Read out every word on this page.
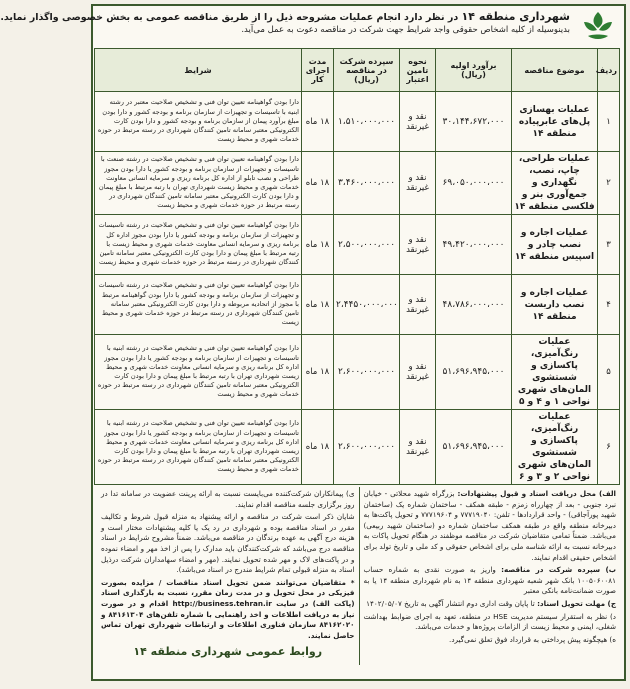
شهرداری منطقه ۱۴ در نظر دارد انجام عملیات مشروحه ذیل را از طریق مناقصه عمومی به بخش خصوصی واگذار نماید.
بدینوسیله از کلیه اشخاص حقوقی واجد شرایط جهت شرکت در مناقصه دعوت به عمل می‌آید.
ردیف	موضوع مناقصه	برآورد اولیه (ریال)	نحوه تامین اعتبار	سپرده شرکت در مناقصه (ریال)	مدت اجرای کار	شرایط
۱	عملیات بهسازی پل‌های عابرپیاده منطقه ۱۴	۳۰،۱۴۴،۶۷۲،۰۰۰	نقد و غیرنقد	۱،۵۱۰،۰۰۰،۰۰۰	۱۸ ماه	دارا بودن گواهینامه تعیین توان فنی و تشخیص صلاحیت معتبر در رشته ابنیه با تاسیسات و تجهیزات از سازمان برنامه و بودجه کشور و دارا بودن مبلغ برآورد پیمان از سازمان برنامه و بودجه کشور و دارا بودن کارت الکترونیکی معتبر سامانه تامین کنندگان شهرداری در رسته مرتبط در حوزه خدمات شهری و محیط زیست
۲	عملیات طراحی، چاپ، نصب، نگهداری و جمع‌آوری بنر و فلکسی منطقه ۱۴	۶۹،۰۵۰،۰۰۰،۰۰۰	نقد و غیرنقد	۳،۴۶۰،۰۰۰،۰۰۰	۱۸ ماه	دارا بودن گواهینامه تعیین توان فنی و تشخیص صلاحیت در رشته صنعت با تاسیسات و تجهیزات از سازمان برنامه و بودجه کشور یا دارا بودن مجوز طراحی و نصب تابلو از اداره کل برنامه ریزی و سرمایه انسانی معاونت خدمات شهری و محیط زیست شهرداری تهران با رتبه مرتبط با مبلغ پیمان و دارا بودن کارت الکترونیکی معتبر سامانه تامین کنندگان شهرداری در رسته مرتبط در حوزه خدمات شهری و محیط زیست
۳	عملیات اجاره و نصب چادر و اسپیس منطقه ۱۴	۴۹،۴۲۰،۰۰۰،۰۰۰	نقد و غیرنقد	۲،۵۰۰،۰۰۰،۰۰۰	۱۸ ماه	دارا بودن گواهینامه تعیین توان فنی و تشخیص صلاحیت در رشته تاسیسات و تجهیزات از سازمان برنامه و بودجه کشور یا دارا بودن مجوز اداره کل برنامه ریزی و سرمایه انسانی معاونت خدمات شهری و محیط زیست با رتبه مرتبط با مبلغ پیمان و دارا بودن کارت الکترونیکی معتبر سامانه تامین کنندگان شهرداری در رسته مرتبط در حوزه خدمات شهری و محیط زیست
۴	عملیات اجاره و نصب داربست منطقه ۱۴	۴۸،۷۸۶،۰۰۰،۰۰۰	نقد و غیرنقد	۲،۴۴۵۰،۰۰۰،۰۰۰	۱۸ ماه	دارا بودن گواهینامه تعیین توان فنی و تشخیص صلاحیت در رشته تاسیسات و تجهیزات از سازمان برنامه و بودجه کشور یا دارا بودن گواهینامه مرتبط با مجوز از اتحادیه مربوطه و دارا بودن کارت الکترونیکی معتبر سامانه تامین کنندگان شهرداری در رسته مرتبط در حوزه خدمات شهری و محیط زیست
۵	عملیات رنگ‌آمیزی، پاکسازی و شستشوی المان‌های شهری نواحی ۱ و ۴ و ۵	۵۱،۶۹۶،۹۴۵،۰۰۰	نقد و غیرنقد	۲،۶۰۰،۰۰۰،۰۰۰	۱۸ ماه	دارا بودن گواهینامه تعیین توان فنی و تشخیص صلاحیت در رشته ابنیه با تاسیسات و تجهیزات از سازمان برنامه و بودجه کشور یا دارا بودن مجوز اداره کل برنامه ریزی و سرمایه انسانی معاونت خدمات شهری و محیط زیست شهرداری تهران با رتبه مرتبط با مبلغ پیمان و دارا بودن کارت الکترونیکی معتبر سامانه تامین کنندگان شهرداری در رسته مرتبط در حوزه خدمات شهری و محیط زیست
۶	عملیات رنگ‌آمیزی، پاکسازی و شستشوی المان‌های شهری نواحی ۲ و ۳ و ۶	۵۱،۶۹۶،۹۴۵،۰۰۰	نقد و غیرنقد	۲،۶۰۰،۰۰۰،۰۰۰	۱۸ ماه	دارا بودن گواهینامه تعیین توان فنی و تشخیص صلاحیت در رشته ابنیه با تاسیسات و تجهیزات از سازمان برنامه و بودجه کشور یا دارا بودن مجوز اداره کل برنامه ریزی و سرمایه انسانی معاونت خدمات شهری و محیط زیست شهرداری تهران با رتبه مرتبط با مبلغ پیمان و دارا بودن کارت الکترونیکی معتبر سامانه تامین کنندگان شهرداری در رسته مرتبط در حوزه خدمات شهری و محیط زیست

الف) محل دریافت اسناد و قبول پیشنهادات: بزرگراه شهید محلاتی - خیابان نبرد جنوبی - بعد از چهارراه زمزم - طبقه همکف - ساختمان شماره یک (ساختمان شهید پورآجاقی) - واحد قراردادها - تلفن: ۷۷۷۱۹۰۴۰ و ۷۷۷۱۹۶۰۴ و تحویل پاکت‌ها به دبیرخانه منطقه واقع در طبقه همکف ساختمان شماره دو (ساختمان شهید ربیعی) می‌باشد. ضمناً تمامی متقاضیان شرکت در مناقصه موظفند در هنگام تحویل پاکات به دبیرخانه نسبت به ارائه شناسه ملی برای اشخاص حقوقی و کد ملی و تاریخ تولد برای اشخاص حقیقی اقدام نمایند.

ب) سپرده شرکت در مناقصه: واریز به صورت نقدی به شماره حساب ۱۰۰۵۰۶۰۰۸۱ بانک شهر شعبه شهرداری منطقه ۱۴ به نام شهرداری منطقه ۱۴ یا به صورت ضمانت‌نامه بانکی معتبر

ج) مهلت تحویل اسناد: تا پایان وقت اداری دوم انتشار آگهی به تاریخ ۱۴۰۲/۰۵/۰۷

د) نظر به استقرار سیستم مدیریت HSE در منطقه، تعهد به اجرای ضوابط بهداشت شغلی، ایمنی و محیط زیست از الزامات پروژه‌ها و خدمات می‌باشد.

ه) هیچگونه پیش پرداختی به قرارداد فوق تعلق نمی‌گیرد.

ی) پیمانکاران شرکت‌کننده می‌بایست نسبت به ارائه پرینت عضویت در سامانه تدا در روز برگزاری جلسه مناقصه اقدام نمایند.

شایان ذکر است شرکت در مناقصه و ارائه پیشنهاد به منزله قبول شروط و تکالیف مقرر در اسناد مناقصه بوده و شهرداری در رد یک یا کلیه پیشنهادات مختار است و هزینه درج آگهی به عهده برندگان در مناقصه می‌باشد. ضمناً مشروح شرایط در اسناد مناقصه درج می‌باشد که شرکت‌کنندگان باید مدارک را پس از اخذ مهر و امضاء نموده و در پاکت‌های لاک و مهر شده تحویل نمایند. (مهر و امضاء سهامداران شرکت درذیل اسناد به منزله قبولی تمام شرایط مندرج در اسناد می‌باشد).

* متقاضیان می‌توانند ضمن تحویل اسناد مناقصات / مزایده بصورت فیزیکی در محل تحویل و در مدت زمان مقرر، نسبت به بارگذاری اسناد (پاکت الف) در سایت http://business.tehran.ir اقدام و در صورت نیاز به دریافت اطلاعات و اخذ راهنمایی با شماره تلفن‌های ۸۴۱۶۱۳۰۴ و ۸۴۱۶۲۰۲۰ سازمان فناوری اطلاعات و ارتباطات شهرداری تهران تماس حاصل نمایند.

روابط عمومی شهرداری منطقه ۱۴
